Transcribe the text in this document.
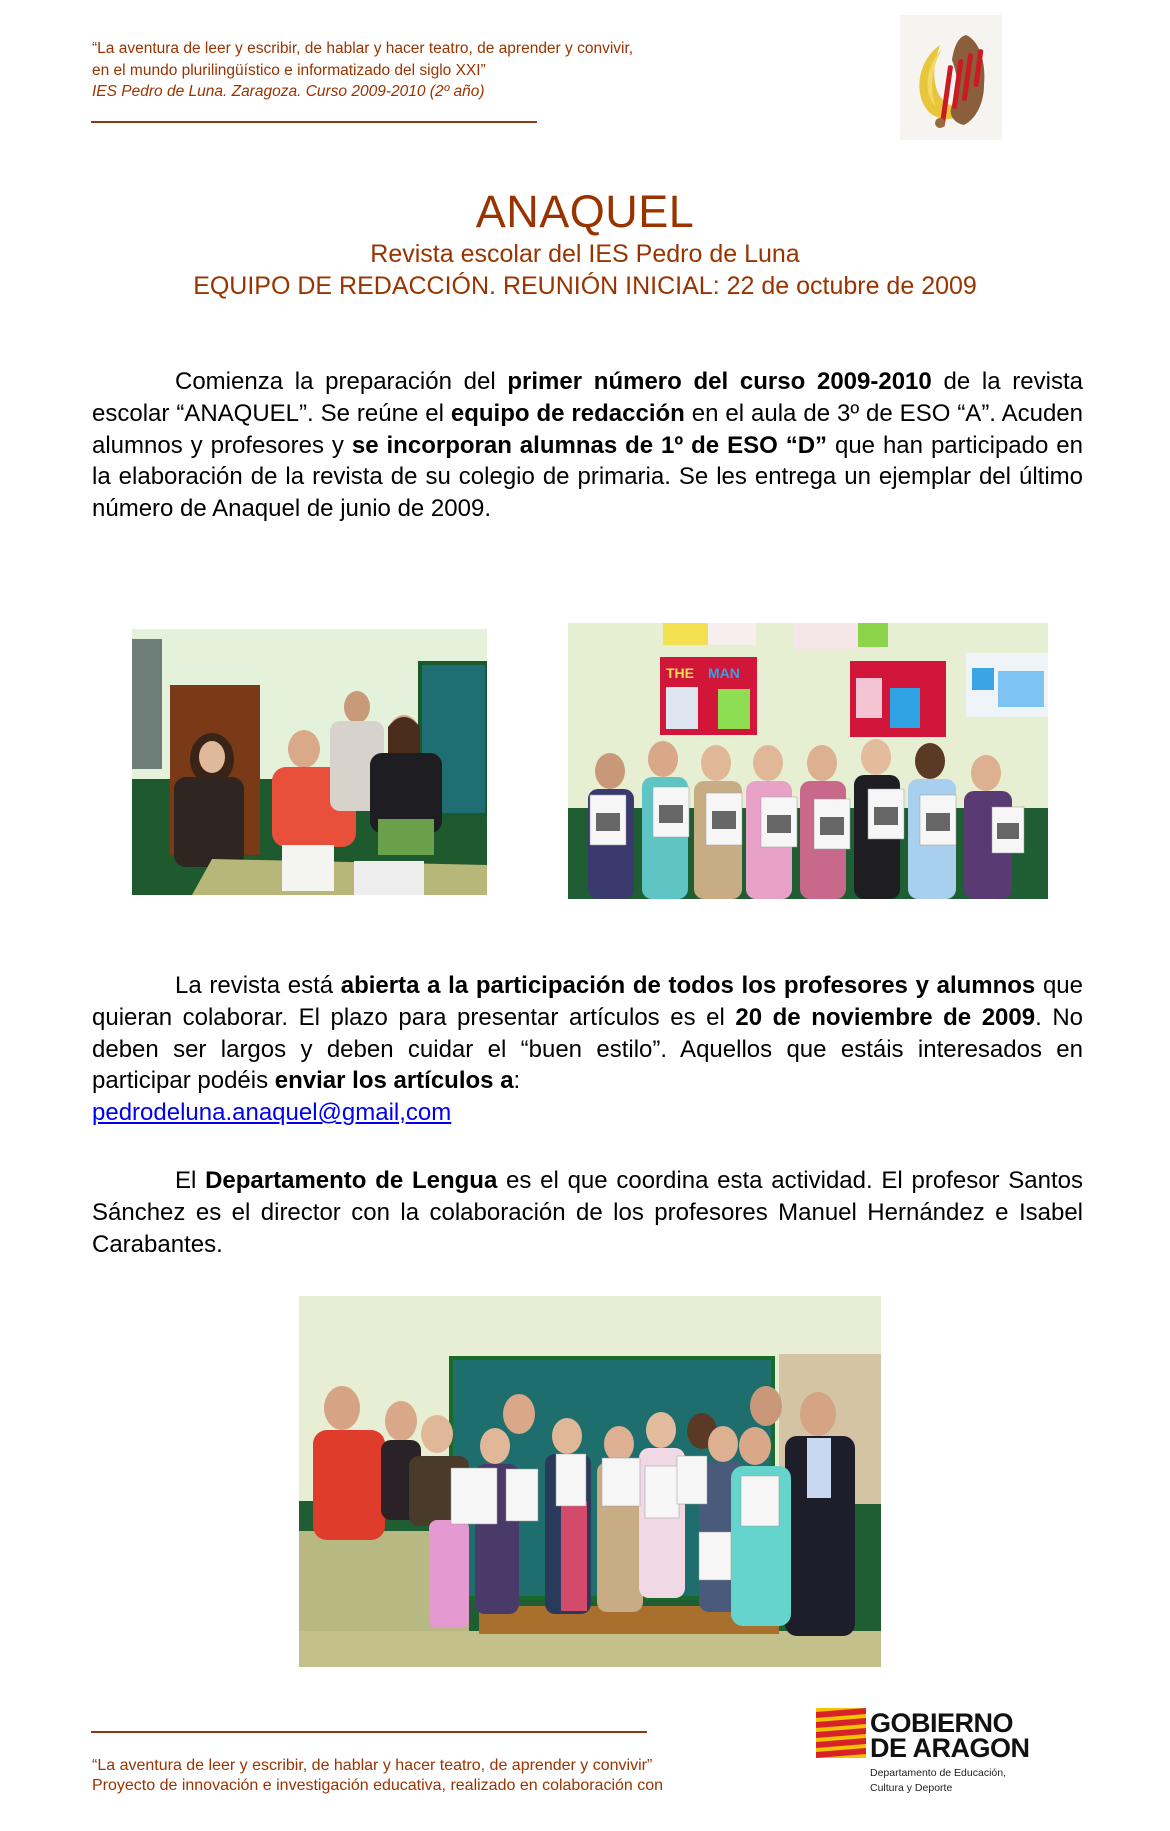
“La aventura de leer y escribir, de hablar y hacer teatro, de aprender y convivir,
en el mundo plurilingüístico e informatizado del siglo XXI”
IES Pedro de Luna. Zaragoza. Curso 2009-2010 (2º año)
ANAQUEL
Revista escolar del IES Pedro de Luna
EQUIPO DE REDACCIÓN. REUNIÓN INICIAL: 22 de octubre de 2009
Comienza la preparación del primer número del curso 2009-2010 de la revista escolar “ANAQUEL”. Se reúne el equipo de redacción en el aula de 3º de ESO “A”. Acuden alumnos y profesores y se incorporan alumnas de 1º de ESO “D” que han participado en la elaboración de la revista de su colegio de primaria. Se les entrega un ejemplar del último número de Anaquel de junio de 2009.
THE MAN
La revista está abierta a la participación de todos los profesores y alumnos que quieran colaborar. El plazo para presentar artículos es el 20 de noviembre de 2009. No deben ser largos y deben cuidar el “buen estilo”. Aquellos que estáis interesados en participar podéis enviar los artículos a:
pedrodeluna.anaquel@gmail,com
El Departamento de Lengua es el que coordina esta actividad. El profesor Santos Sánchez es el director con la colaboración de los profesores Manuel Hernández e Isabel Carabantes.
“La aventura de leer y escribir, de hablar y hacer teatro, de aprender y convivir”
Proyecto de innovación e investigación educativa, realizado en colaboración con
GOBIERNO
DE ARAGON
Departamento de Educación,
Cultura y Deporte
